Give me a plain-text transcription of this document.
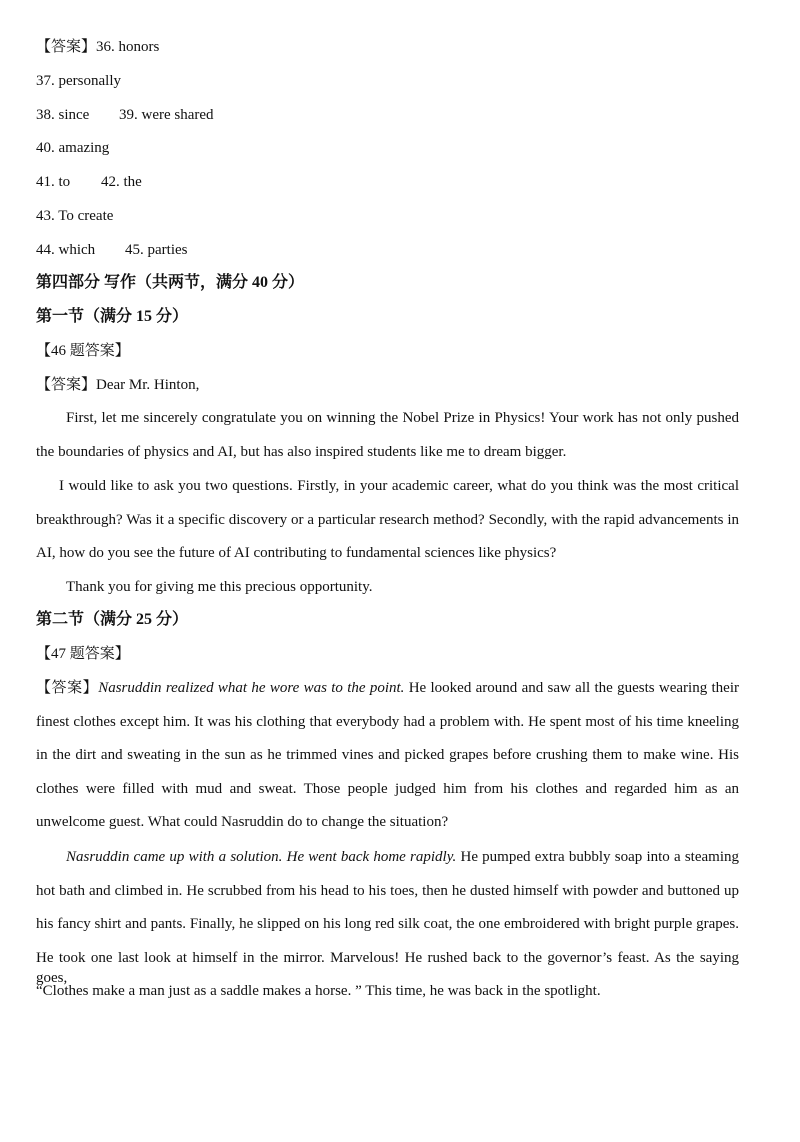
【答案】36. honors
37. personally
38. since 39. were shared
40. amazing
41. to 42. the
43. To create
44. which 45. parties
第四部分 写作（共两节，满分 40 分）
第一节（满分 15 分）
【46 题答案】
【答案】Dear Mr. Hinton,
First, let me sincerely congratulate you on winning the Nobel Prize in Physics! Your work has not only pushed
the boundaries of physics and AI, but has also inspired students like me to dream bigger.
I would like to ask you two questions. Firstly, in your academic career, what do you think was the most critical
breakthrough? Was it a specific discovery or a particular research method? Secondly, with the rapid advancements in
AI, how do you see the future of AI contributing to fundamental sciences like physics?
Thank you for giving me this precious opportunity.
第二节（满分 25 分）
【47 题答案】
【答案】Nasruddin realized what he wore was to the point. He looked around and saw all the guests wearing their
finest clothes except him. It was his clothing that everybody had a problem with. He spent most of his time kneeling
in the dirt and sweating in the sun as he trimmed vines and picked grapes before crushing them to make wine. His
clothes were filled with mud and sweat. Those people judged him from his clothes and regarded him as an
unwelcome guest. What could Nasruddin do to change the situation?
Nasruddin came up with a solution. He went back home rapidly. He pumped extra bubbly soap into a steaming
hot bath and climbed in. He scrubbed from his head to his toes, then he dusted himself with powder and buttoned up
his fancy shirt and pants. Finally, he slipped on his long red silk coat, the one embroidered with bright purple grapes.
He took one last look at himself in the mirror. Marvelous! He rushed back to the governor’s feast. As the saying goes,
“Clothes make a man just as a saddle makes a horse. ” This time, he was back in the spotlight.
